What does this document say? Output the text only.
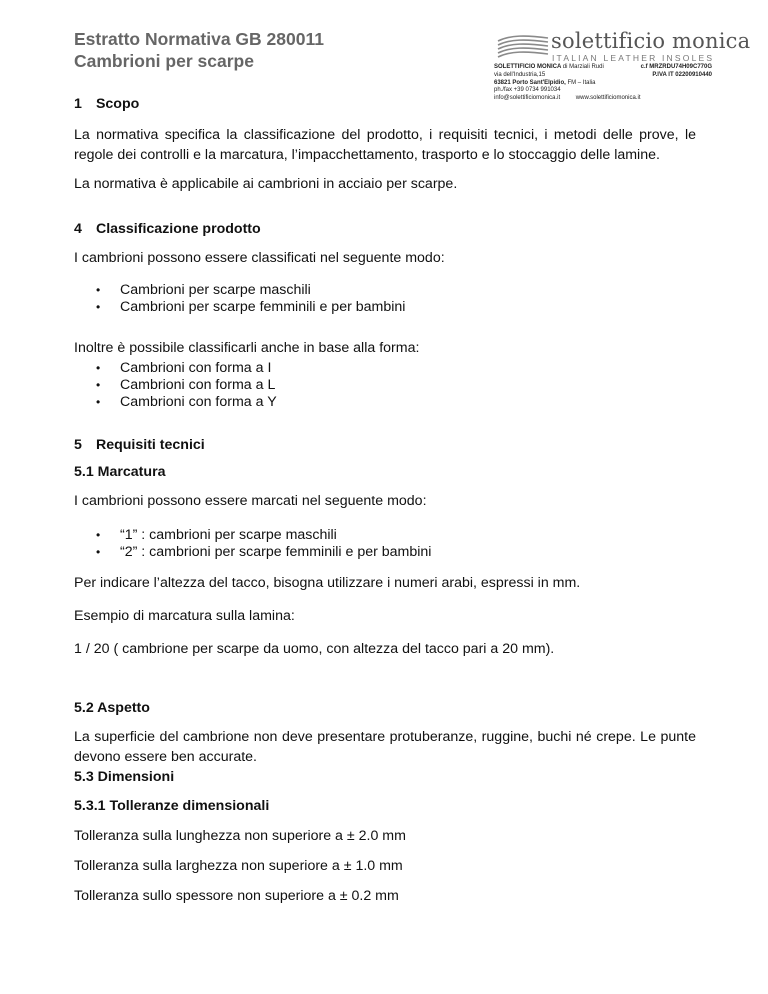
Estratto Normativa GB 280011
Cambrioni per scarpe
solettificio monica
ITALIAN LEATHER INSOLES
SOLETTIFICIO MONICA di Marziali Rudi
via dell'Industria,15
63821 Porto Sant'Elpidio, FM – Italia
ph./fax +39 0734 991034
info@solettificiomonica.it	www.solettificiomonica.it
c.f MRZRDU74H09C770G
P.IVA IT 02200910440

1 Scopo

La normativa specifica la classificazione del prodotto, i requisiti tecnici, i metodi delle prove, le regole dei controlli e la marcatura, l’impacchettamento, trasporto e lo stoccaggio delle lamine.

La normativa è applicabile ai cambrioni in acciaio per scarpe.

4 Classificazione prodotto

I cambrioni possono essere classificati nel seguente modo:

• Cambrioni per scarpe maschili
• Cambrioni per scarpe femminili e per bambini

Inoltre è possibile classificarli anche in base alla forma:

• Cambrioni con forma a I
• Cambrioni con forma a L
• Cambrioni con forma a Y

5 Requisiti tecnici

5.1 Marcatura

I cambrioni possono essere marcati nel seguente modo:

• “1” : cambrioni per scarpe maschili
• “2” : cambrioni per scarpe femminili e per bambini

Per indicare l’altezza del tacco, bisogna utilizzare i numeri arabi, espressi in mm.

Esempio di marcatura sulla lamina:

1 / 20 ( cambrione per scarpe da uomo, con altezza del tacco pari a 20 mm).

5.2 Aspetto

La superficie del cambrione non deve presentare protuberanze, ruggine, buchi né crepe. Le punte devono essere ben accurate.

5.3 Dimensioni

5.3.1 Tolleranze dimensionali

Tolleranza sulla lunghezza non superiore a ± 2.0 mm

Tolleranza sulla larghezza non superiore a ± 1.0 mm

Tolleranza sullo spessore non superiore a ± 0.2 mm
